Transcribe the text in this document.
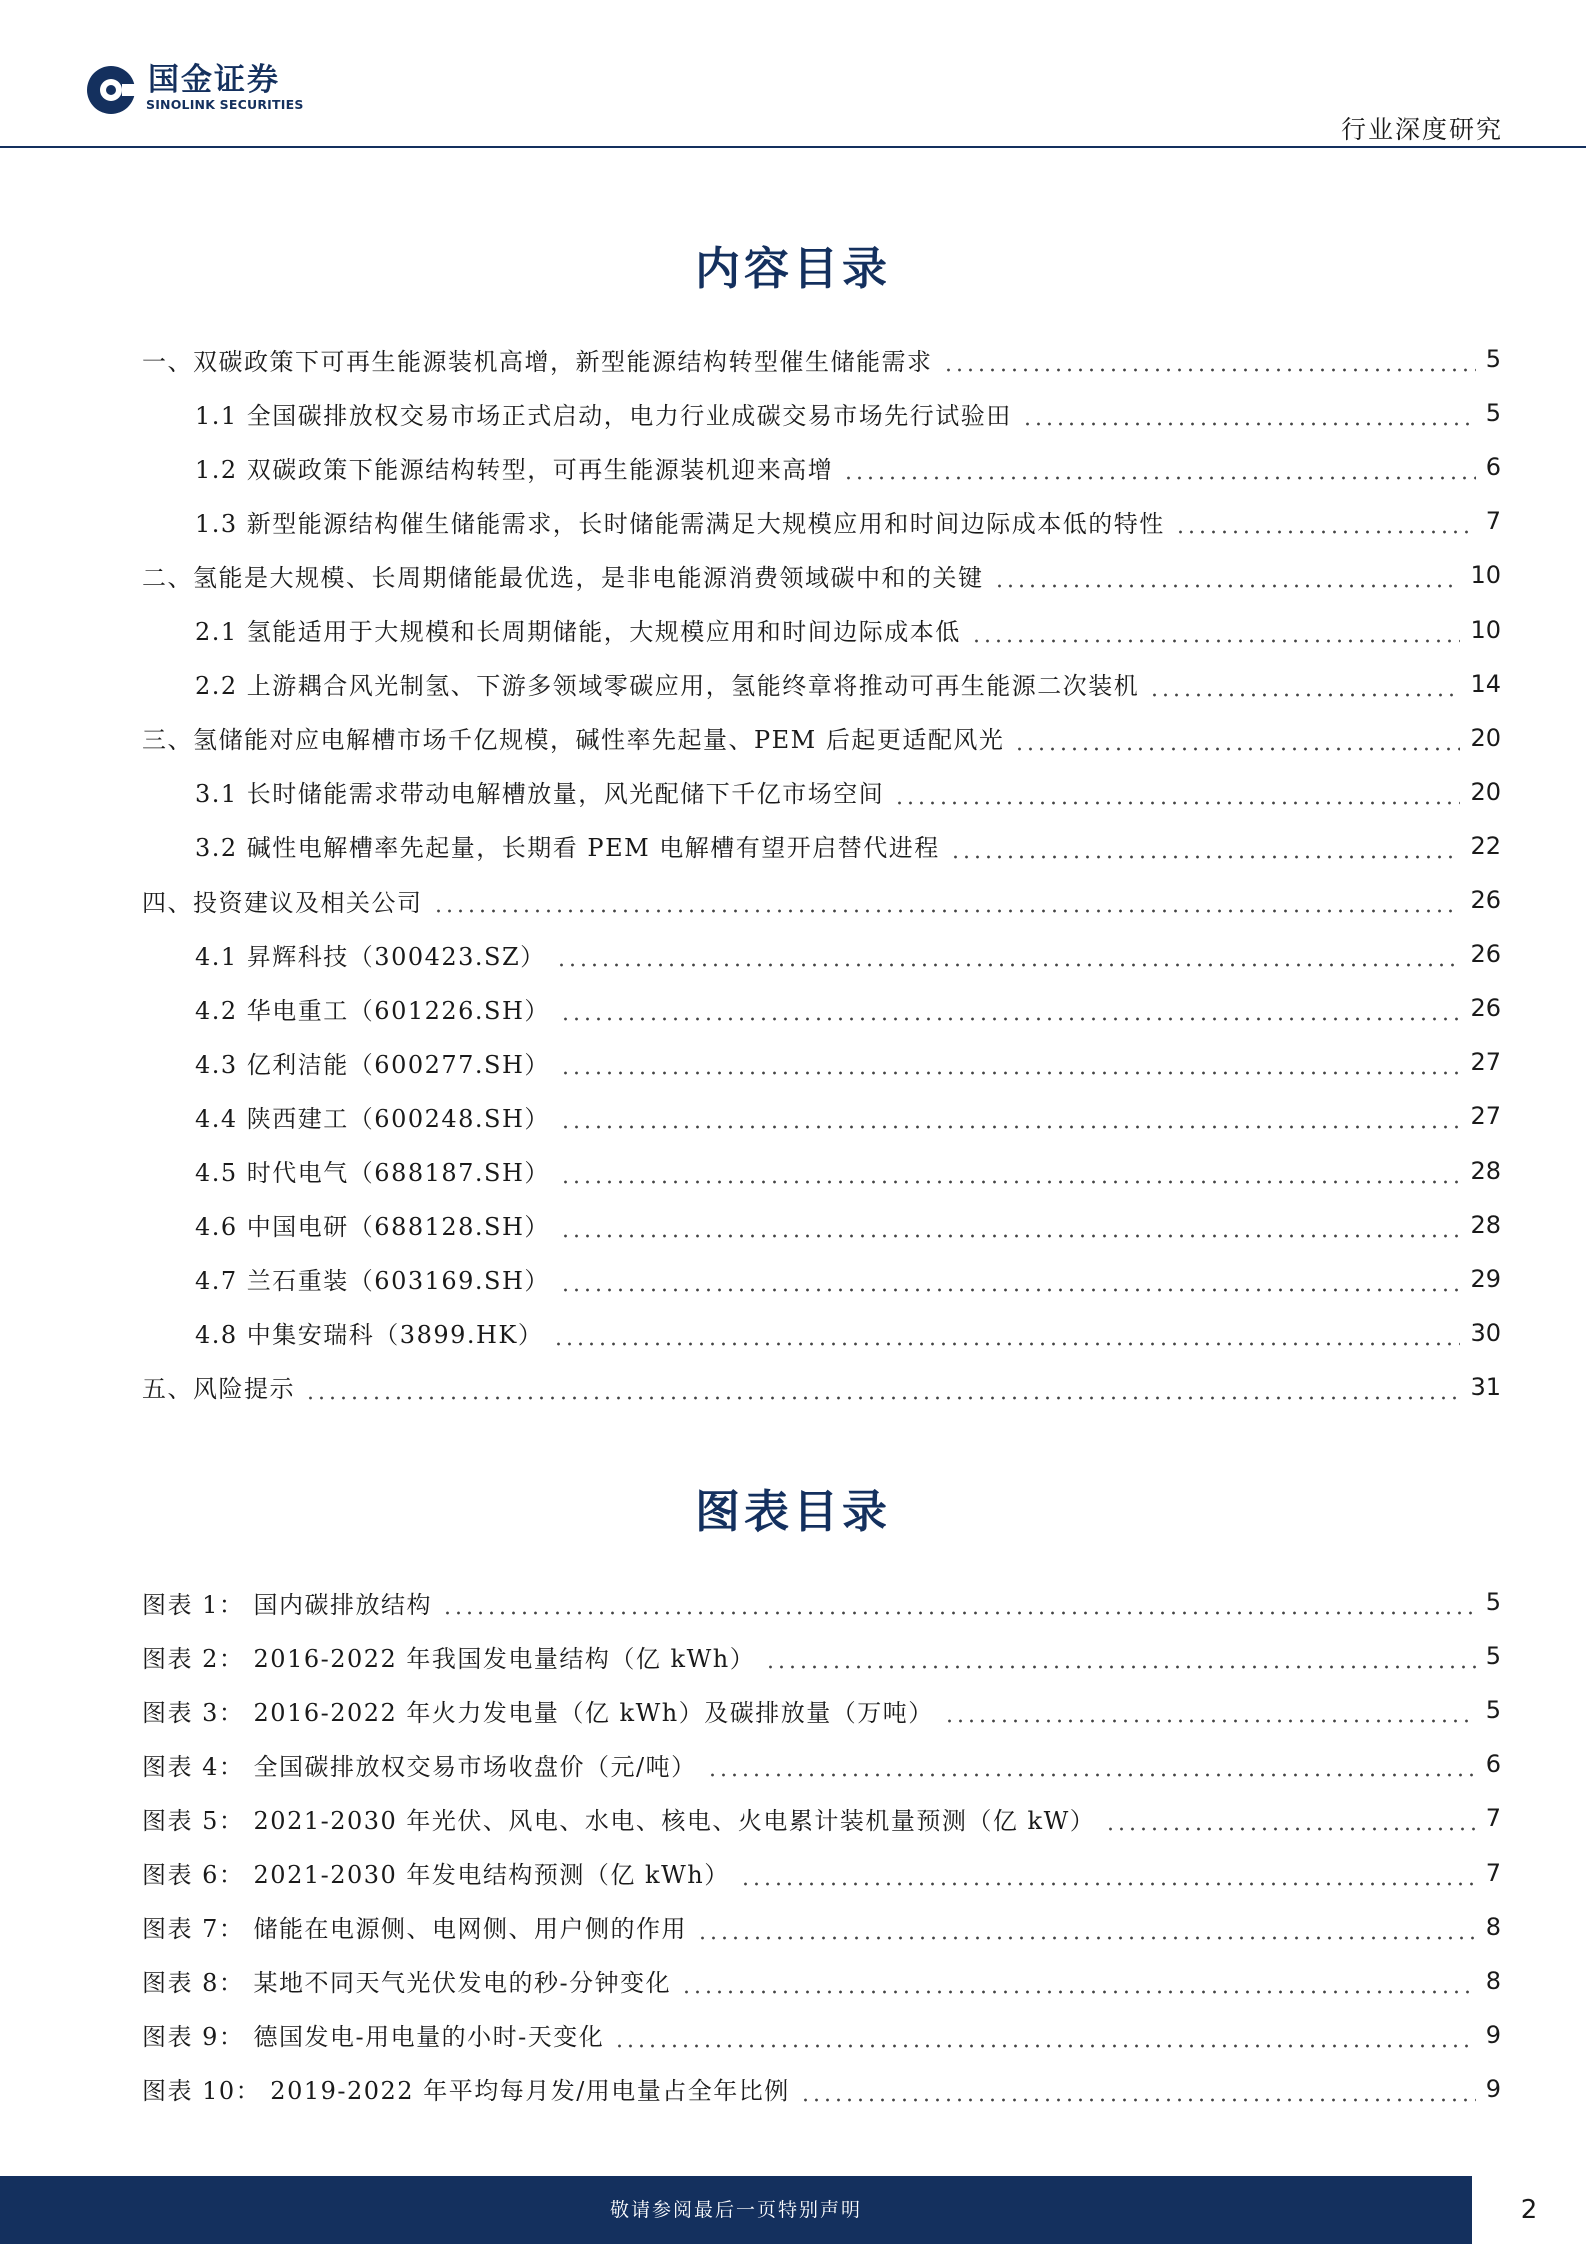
国金证券
SINOLINK SECURITIES
行业深度研究
内容目录
一、双碳政策下可再生能源装机高增，新型能源结构转型催生储能需求	5
1.1 全国碳排放权交易市场正式启动，电力行业成碳交易市场先行试验田	5
1.2 双碳政策下能源结构转型，可再生能源装机迎来高增	6
1.3 新型能源结构催生储能需求，长时储能需满足大规模应用和时间边际成本低的特性	7
二、氢能是大规模、长周期储能最优选，是非电能源消费领域碳中和的关键	10
2.1 氢能适用于大规模和长周期储能，大规模应用和时间边际成本低	10
2.2 上游耦合风光制氢、下游多领域零碳应用，氢能终章将推动可再生能源二次装机	14
三、氢储能对应电解槽市场千亿规模，碱性率先起量、PEM 后起更适配风光	20
3.1 长时储能需求带动电解槽放量，风光配储下千亿市场空间	20
3.2 碱性电解槽率先起量，长期看 PEM 电解槽有望开启替代进程	22
四、投资建议及相关公司	26
4.1 昇辉科技（300423.SZ）	26
4.2 华电重工（601226.SH）	26
4.3 亿利洁能（600277.SH）	27
4.4 陕西建工（600248.SH）	27
4.5 时代电气（688187.SH）	28
4.6 中国电研（688128.SH）	28
4.7 兰石重装（603169.SH）	29
4.8 中集安瑞科（3899.HK）	30
五、风险提示	31
图表目录
图表 1： 国内碳排放结构	5
图表 2： 2016-2022 年我国发电量结构（亿 kWh）	5
图表 3： 2016-2022 年火力发电量（亿 kWh）及碳排放量（万吨）	5
图表 4： 全国碳排放权交易市场收盘价（元/吨）	6
图表 5： 2021-2030 年光伏、风电、水电、核电、火电累计装机量预测（亿 kW）	7
图表 6： 2021-2030 年发电结构预测（亿 kWh）	7
图表 7： 储能在电源侧、电网侧、用户侧的作用	8
图表 8： 某地不同天气光伏发电的秒-分钟变化	8
图表 9： 德国发电-用电量的小时-天变化	9
图表 10： 2019-2022 年平均每月发/用电量占全年比例	9
敬请参阅最后一页特别声明	2
